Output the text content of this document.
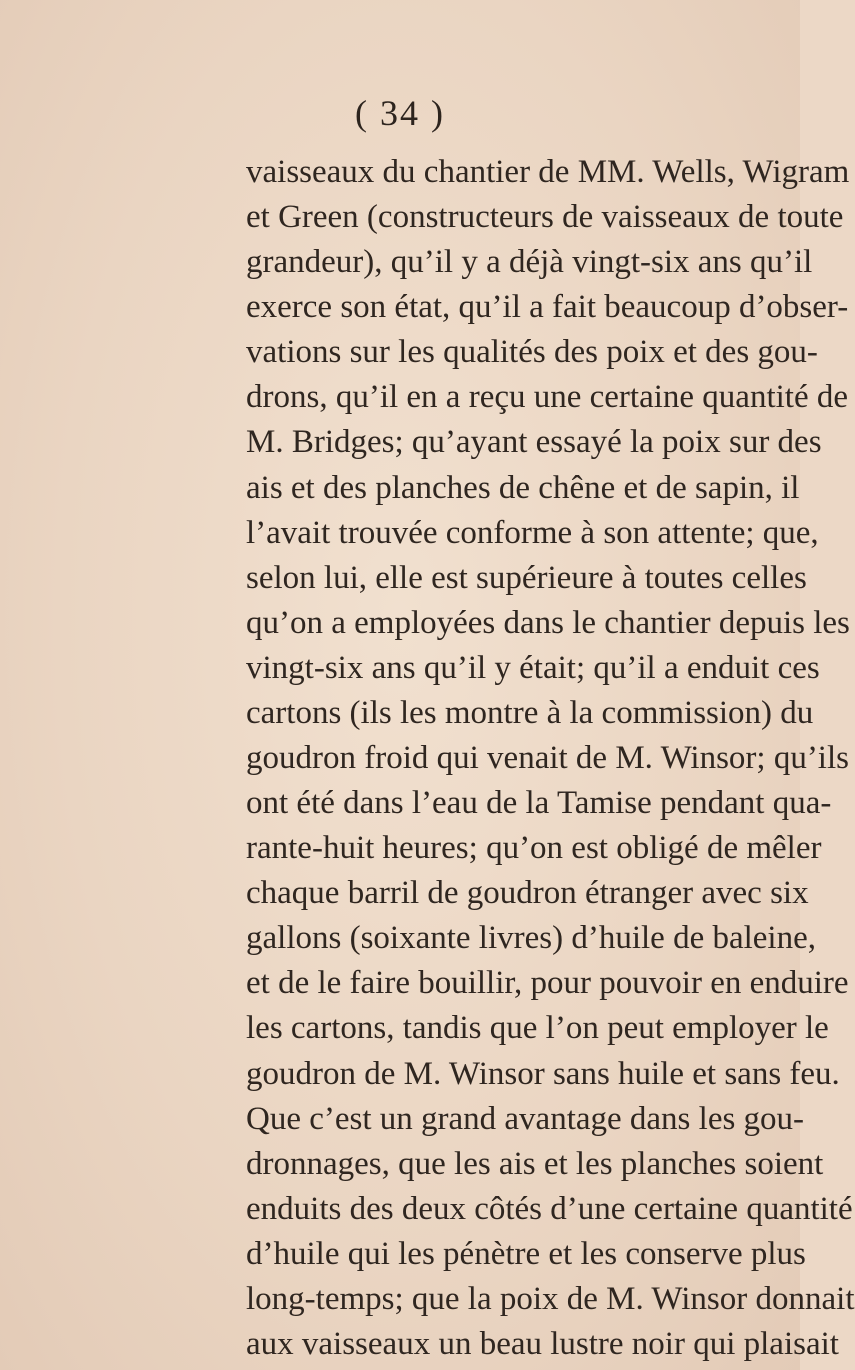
( 34 )
vaisseaux du chantier de MM. Wells, Wigram
et Green (constructeurs de vaisseaux de toute
grandeur), qu’il y a déjà vingt-six ans qu’il
exerce son état, qu’il a fait beaucoup d’obser-
vations sur les qualités des poix et des gou-
drons, qu’il en a reçu une certaine quantité de
M. Bridges; qu’ayant essayé la poix sur des
ais et des planches de chêne et de sapin, il
l’avait trouvée conforme à son attente; que,
selon lui, elle est supérieure à toutes celles
qu’on a employées dans le chantier depuis les
vingt-six ans qu’il y était; qu’il a enduit ces
cartons (ils les montre à la commission) du
goudron froid qui venait de M. Winsor; qu’ils
ont été dans l’eau de la Tamise pendant qua-
rante-huit heures; qu’on est obligé de mêler
chaque barril de goudron étranger avec six
gallons (soixante livres) d’huile de baleine,
et de le faire bouillir, pour pouvoir en enduire
les cartons, tandis que l’on peut employer le
goudron de M. Winsor sans huile et sans feu.
Que c’est un grand avantage dans les gou-
dronnages, que les ais et les planches soient
enduits des deux côtés d’une certaine quantité
d’huile qui les pénètre et les conserve plus
long-temps; que la poix de M. Winsor donnait
aux vaisseaux un beau lustre noir qui plaisait
